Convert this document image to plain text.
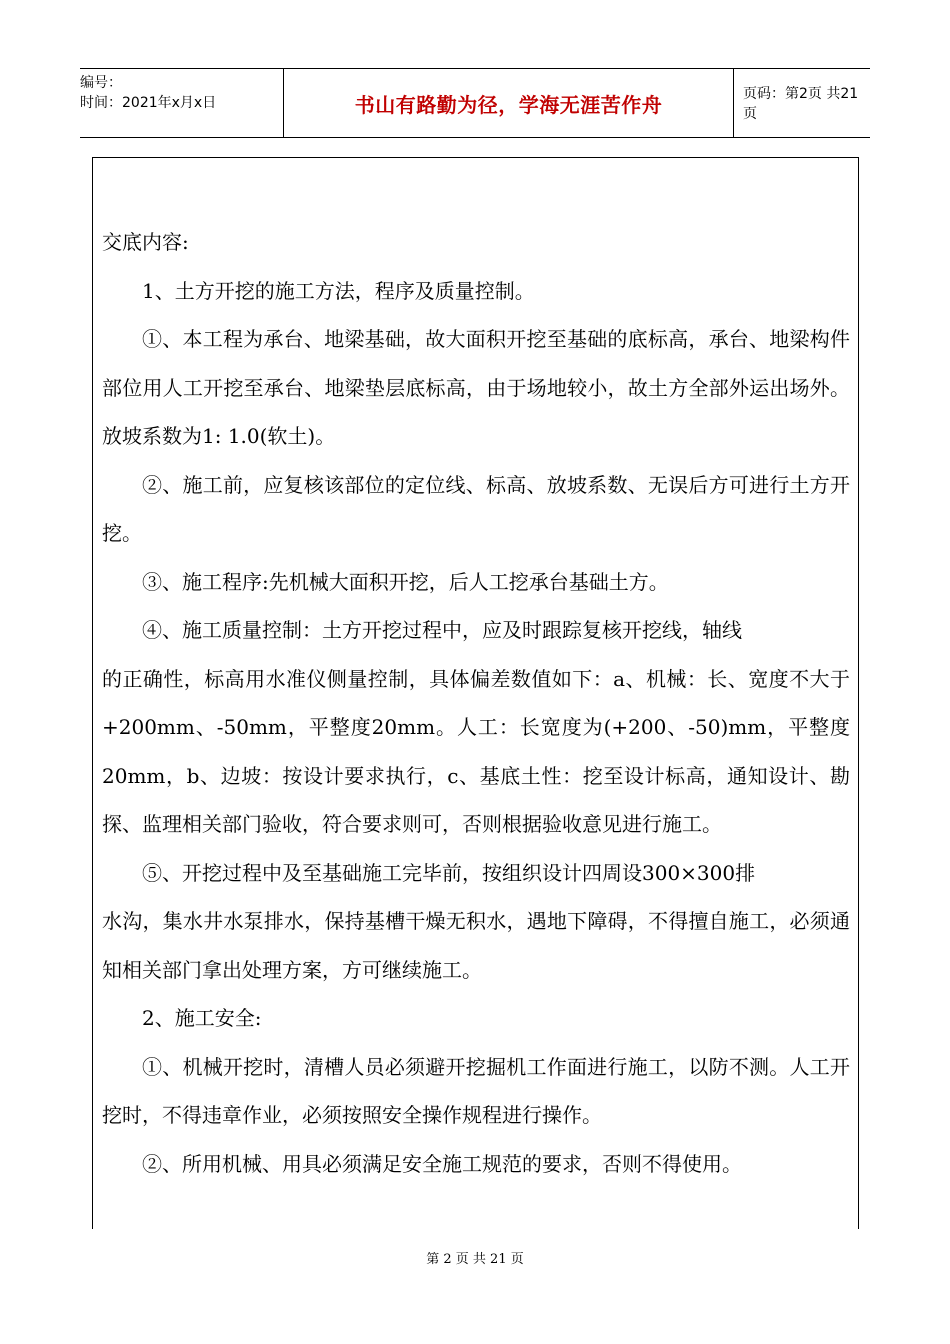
编号：
时间：2021年x月x日	书山有路勤为径，学海无涯苦作舟	页码：第2页 共21页

交底内容:

1、土方开挖的施工方法，程序及质量控制。

①、本工程为承台、地梁基础，故大面积开挖至基础的底标高，承台、地梁构件部位用人工开挖至承台、地梁垫层底标高，由于场地较小，故土方全部外运出场外。放坡系数为1: 1.0(软土)。

②、施工前，应复核该部位的定位线、标高、放坡系数、无误后方可进行土方开挖。

③、施工程序:先机械大面积开挖，后人工挖承台基础土方。

④、施工质量控制：土方开挖过程中，应及时跟踪复核开挖线，轴线

的正确性，标高用水准仪侧量控制，具体偏差数值如下：a、机械：长、宽度不大于+200mm、-50mm，平整度20mm。人工：长宽度为(+200、-50)mm，平整度20mm，b、边坡：按设计要求执行，c、基底土性：挖至设计标高，通知设计、勘探、监理相关部门验收，符合要求则可，否则根据验收意见进行施工。

⑤、开挖过程中及至基础施工完毕前，按组织设计四周设300×300排

水沟，集水井水泵排水，保持基槽干燥无积水，遇地下障碍，不得擅自施工，必须通知相关部门拿出处理方案，方可继续施工。

2、施工安全:

①、机械开挖时，清槽人员必须避开挖掘机工作面进行施工，以防不测。人工开挖时，不得违章作业，必须按照安全操作规程进行操作。

②、所用机械、用具必须满足安全施工规范的要求，否则不得使用。

第 2 页 共 21 页
